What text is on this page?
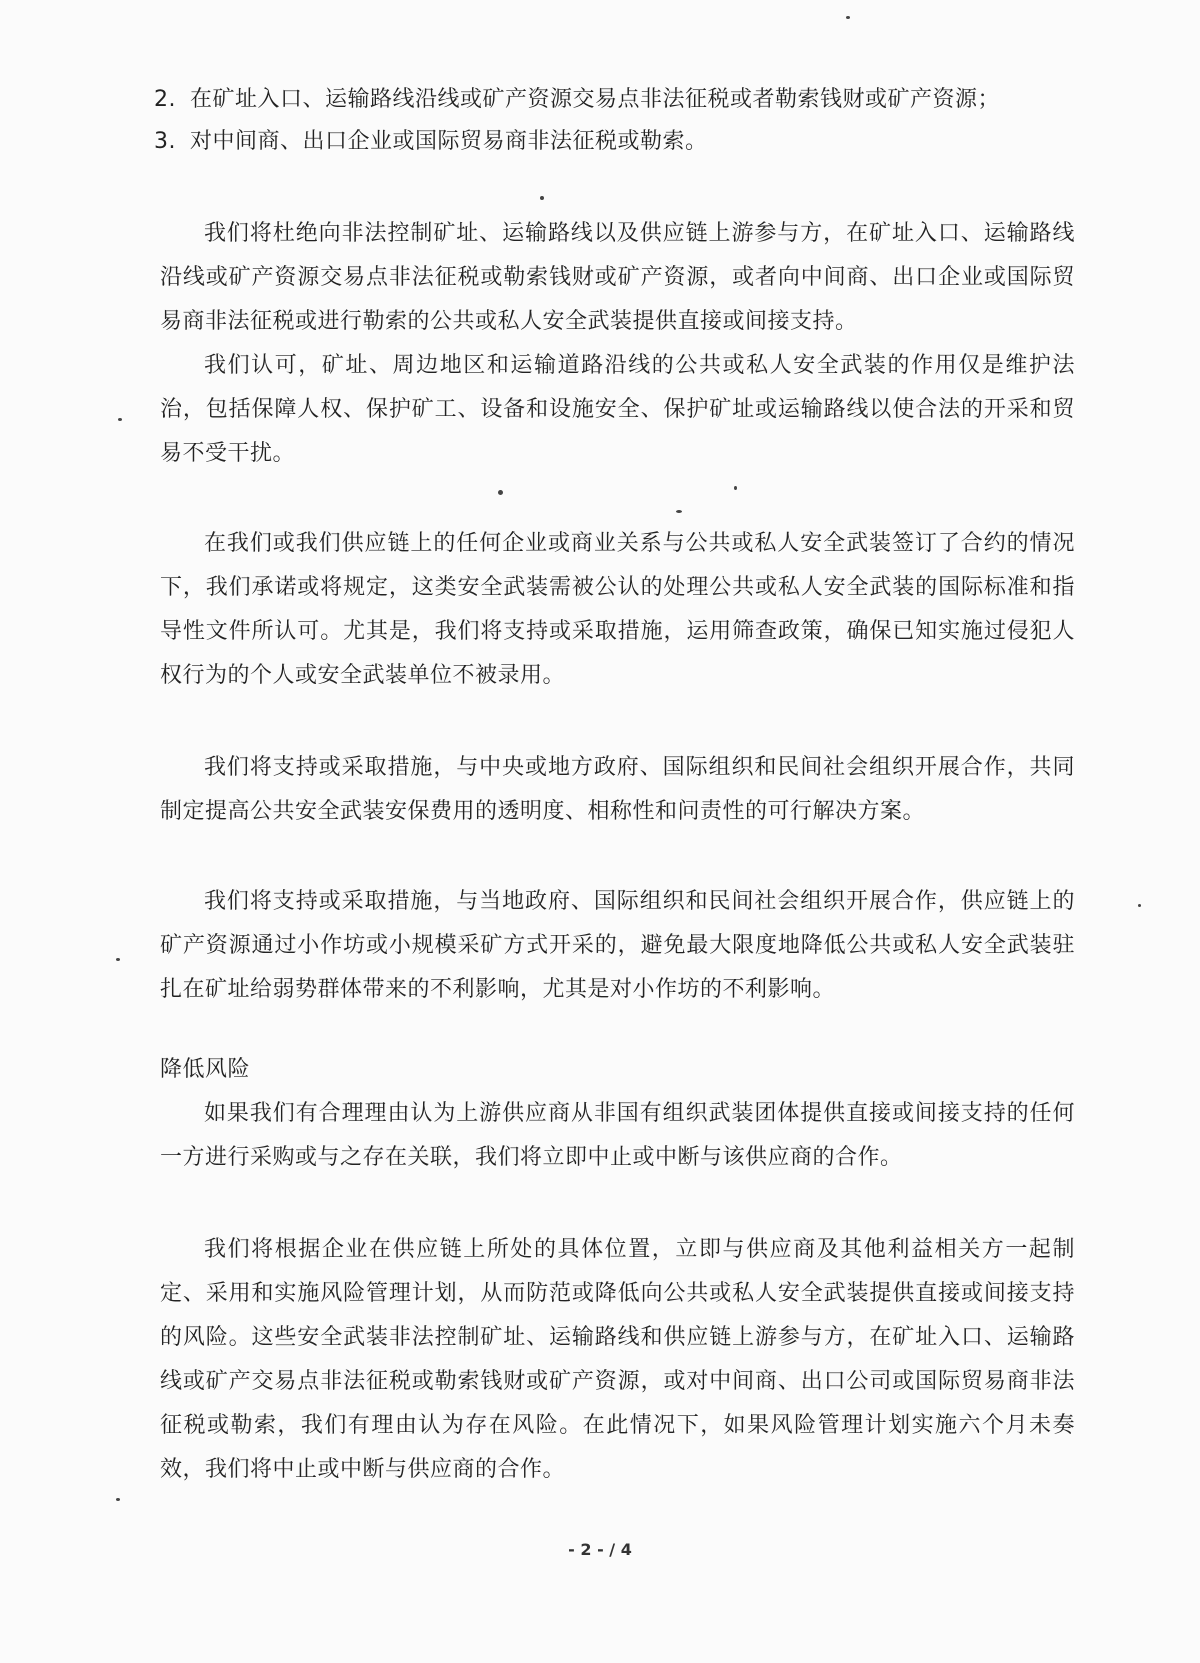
2. 在矿址入口、运输路线沿线或矿产资源交易点非法征税或者勒索钱财或矿产资源；
3. 对中间商、出口企业或国际贸易商非法征税或勒索。

我们将杜绝向非法控制矿址、运输路线以及供应链上游参与方，在矿址入口、运输路线沿线或矿产资源交易点非法征税或勒索钱财或矿产资源，或者向中间商、出口企业或国际贸易商非法征税或进行勒索的公共或私人安全武装提供直接或间接支持。

我们认可，矿址、周边地区和运输道路沿线的公共或私人安全武装的作用仅是维护法治，包括保障人权、保护矿工、设备和设施安全、保护矿址或运输路线以使合法的开采和贸易不受干扰。

在我们或我们供应链上的任何企业或商业关系与公共或私人安全武装签订了合约的情况下，我们承诺或将规定，这类安全武装需被公认的处理公共或私人安全武装的国际标准和指导性文件所认可。尤其是，我们将支持或采取措施，运用筛查政策，确保已知实施过侵犯人权行为的个人或安全武装单位不被录用。

我们将支持或采取措施，与中央或地方政府、国际组织和民间社会组织开展合作，共同制定提高公共安全武装安保费用的透明度、相称性和问责性的可行解决方案。

我们将支持或采取措施，与当地政府、国际组织和民间社会组织开展合作，供应链上的矿产资源通过小作坊或小规模采矿方式开采的，避免最大限度地降低公共或私人安全武装驻扎在矿址给弱势群体带来的不利影响，尤其是对小作坊的不利影响。

降低风险

如果我们有合理理由认为上游供应商从非国有组织武装团体提供直接或间接支持的任何一方进行采购或与之存在关联，我们将立即中止或中断与该供应商的合作。

我们将根据企业在供应链上所处的具体位置，立即与供应商及其他利益相关方一起制定、采用和实施风险管理计划，从而防范或降低向公共或私人安全武装提供直接或间接支持的风险。这些安全武装非法控制矿址、运输路线和供应链上游参与方，在矿址入口、运输路线或矿产交易点非法征税或勒索钱财或矿产资源，或对中间商、出口公司或国际贸易商非法征税或勒索，我们有理由认为存在风险。在此情况下，如果风险管理计划实施六个月未奏效，我们将中止或中断与供应商的合作。

- 2 - / 4
